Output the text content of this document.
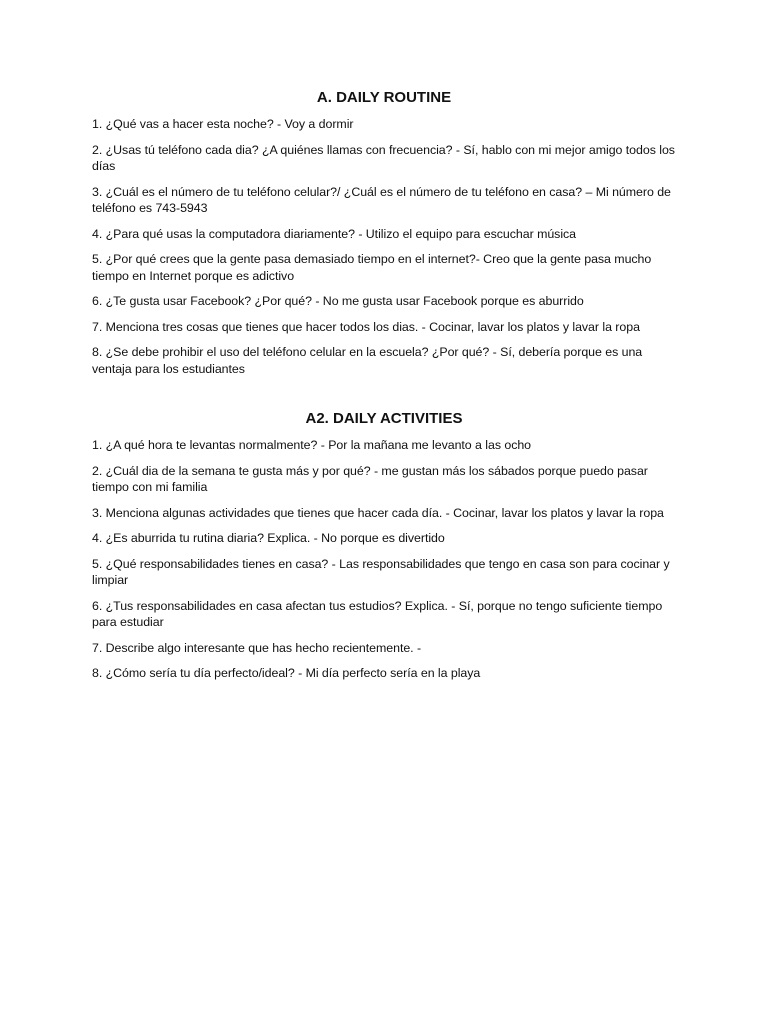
A. DAILY ROUTINE
1. ¿Qué vas a hacer esta noche? - Voy a dormir
2. ¿Usas tú teléfono cada dia? ¿A quiénes llamas con frecuencia? - Sí, hablo con mi mejor amigo todos los días
3. ¿Cuál es el número de tu teléfono celular?/ ¿Cuál es el número de tu teléfono en casa? – Mi número de teléfono es 743-5943
4. ¿Para qué usas la computadora diariamente? - Utilizo el equipo para escuchar música
5. ¿Por qué crees que la gente pasa demasiado tiempo en el internet?- Creo que la gente pasa mucho tiempo en Internet porque es adictivo
6. ¿Te gusta usar Facebook? ¿Por qué? - No me gusta usar Facebook porque es aburrido
7. Menciona tres cosas que tienes que hacer todos los dias. - Cocinar, lavar los platos y lavar la ropa
8. ¿Se debe prohibir el uso del teléfono celular en la escuela? ¿Por qué? - Sí, debería porque es una ventaja para los estudiantes
A2. DAILY ACTIVITIES
1. ¿A qué hora te levantas normalmente? - Por la mañana me levanto a las ocho
2. ¿Cuál dia de la semana te gusta más y por qué? - me gustan más los sábados porque puedo pasar tiempo con mi familia
3. Menciona algunas actividades que tienes que hacer cada día. - Cocinar, lavar los platos y lavar la ropa
4. ¿Es aburrida tu rutina diaria? Explica. - No porque es divertido
5. ¿Qué responsabilidades tienes en casa? - Las responsabilidades que tengo en casa son para cocinar y limpiar
6. ¿Tus responsabilidades en casa afectan tus estudios? Explica. - Sí, porque no tengo suficiente tiempo para estudiar
7. Describe algo interesante que has hecho recientemente. -
8. ¿Cómo sería tu día perfecto/ideal? - Mi día perfecto sería en la playa
